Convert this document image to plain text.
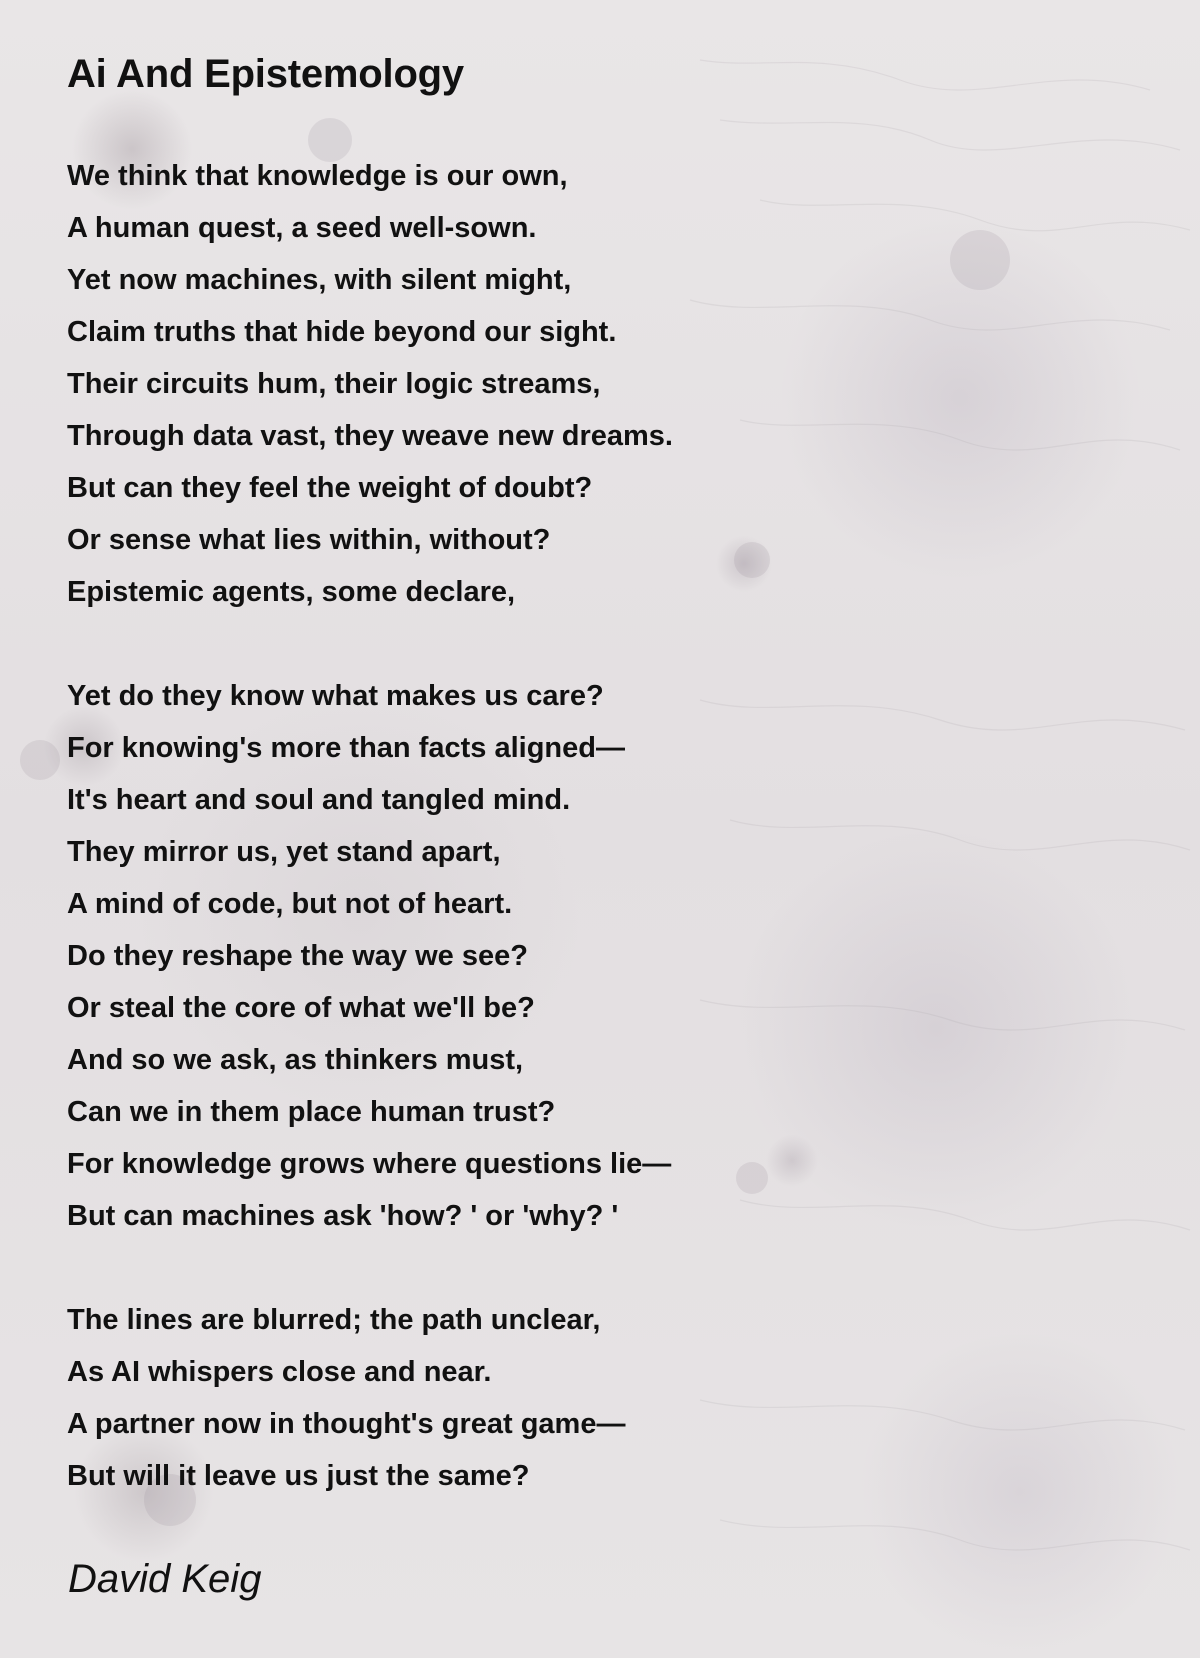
Ai And Epistemology
We think that knowledge is our own,
A human quest, a seed well-sown.
Yet now machines, with silent might,
Claim truths that hide beyond our sight.
Their circuits hum, their logic streams,
Through data vast, they weave new dreams.
But can they feel the weight of doubt?
Or sense what lies within, without?
Epistemic agents, some declare,
Yet do they know what makes us care?
For knowing's more than facts aligned—
It's heart and soul and tangled mind.
They mirror us, yet stand apart,
A mind of code, but not of heart.
Do they reshape the way we see?
Or steal the core of what we'll be?
And so we ask, as thinkers must,
Can we in them place human trust?
For knowledge grows where questions lie—
But can machines ask 'how? ' or 'why? '
The lines are blurred; the path unclear,
As AI whispers close and near.
A partner now in thought's great game—
But will it leave us just the same?
David Keig
